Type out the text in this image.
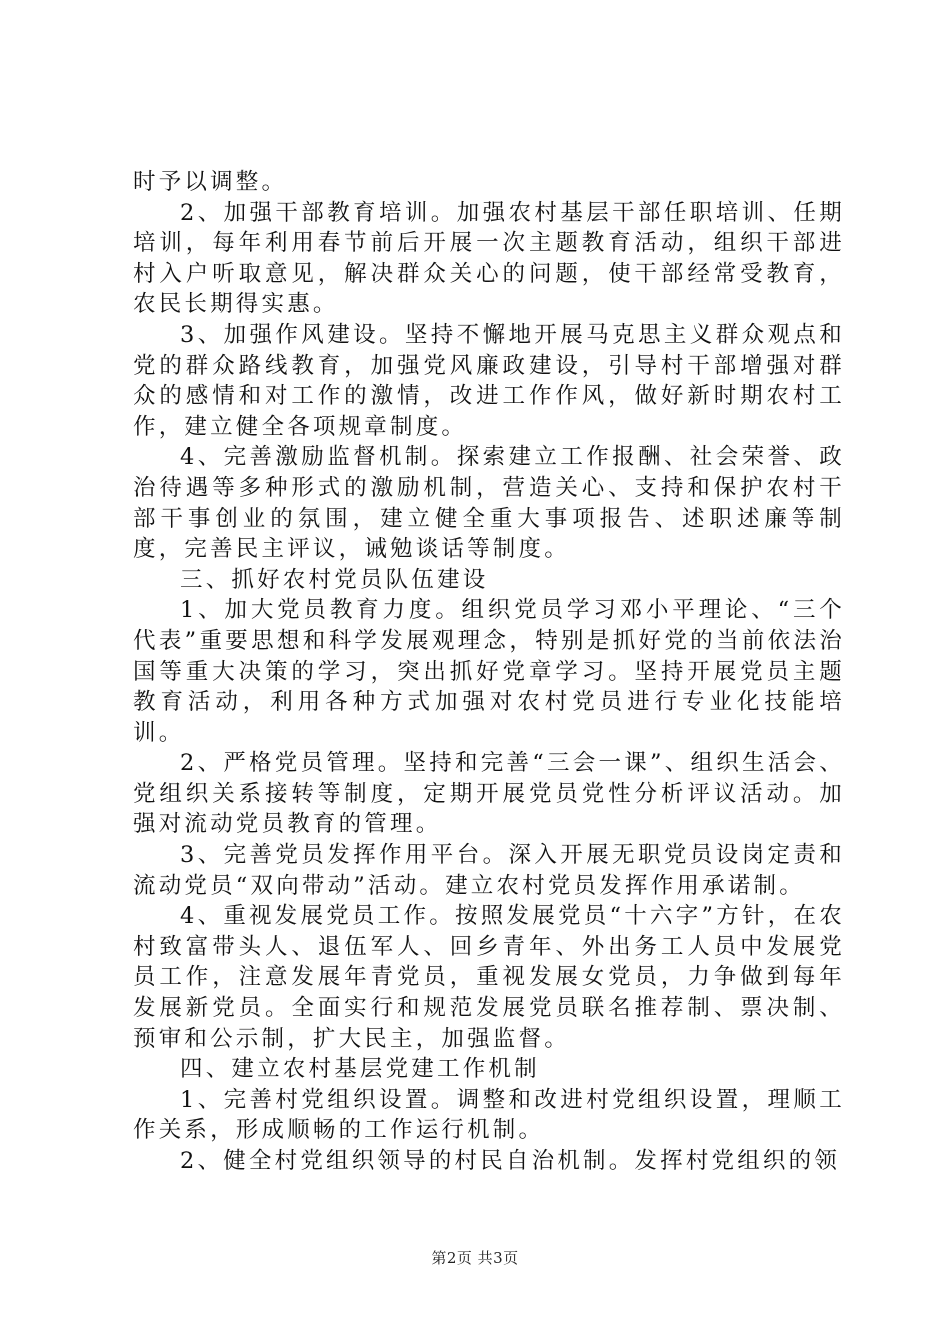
时予以调整。

2、加强干部教育培训。加强农村基层干部任职培训、任期培训，每年利用春节前后开展一次主题教育活动，组织干部进村入户听取意见，解决群众关心的问题，使干部经常受教育，农民长期得实惠。

3、加强作风建设。坚持不懈地开展马克思主义群众观点和党的群众路线教育，加强党风廉政建设，引导村干部增强对群众的感情和对工作的激情，改进工作作风，做好新时期农村工作，建立健全各项规章制度。

4、完善激励监督机制。探索建立工作报酬、社会荣誉、政治待遇等多种形式的激励机制，营造关心、支持和保护农村干部干事创业的氛围，建立健全重大事项报告、述职述廉等制度，完善民主评议，诫勉谈话等制度。

三、抓好农村党员队伍建设

1、加大党员教育力度。组织党员学习邓小平理论、“三个代表”重要思想和科学发展观理念，特别是抓好党的当前依法治国等重大决策的学习，突出抓好党章学习。坚持开展党员主题教育活动，利用各种方式加强对农村党员进行专业化技能培训。

2、严格党员管理。坚持和完善“三会一课”、组织生活会、党组织关系接转等制度，定期开展党员党性分析评议活动。加强对流动党员教育的管理。

3、完善党员发挥作用平台。深入开展无职党员设岗定责和流动党员“双向带动”活动。建立农村党员发挥作用承诺制。

4、重视发展党员工作。按照发展党员“十六字”方针，在农村致富带头人、退伍军人、回乡青年、外出务工人员中发展党员工作，注意发展年青党员，重视发展女党员，力争做到每年发展新党员。全面实行和规范发展党员联名推荐制、票决制、预审和公示制，扩大民主，加强监督。

四、建立农村基层党建工作机制

1、完善村党组织设置。调整和改进村党组织设置，理顺工作关系，形成顺畅的工作运行机制。

2、健全村党组织领导的村民自治机制。发挥村党组织的领

第2页 共3页
